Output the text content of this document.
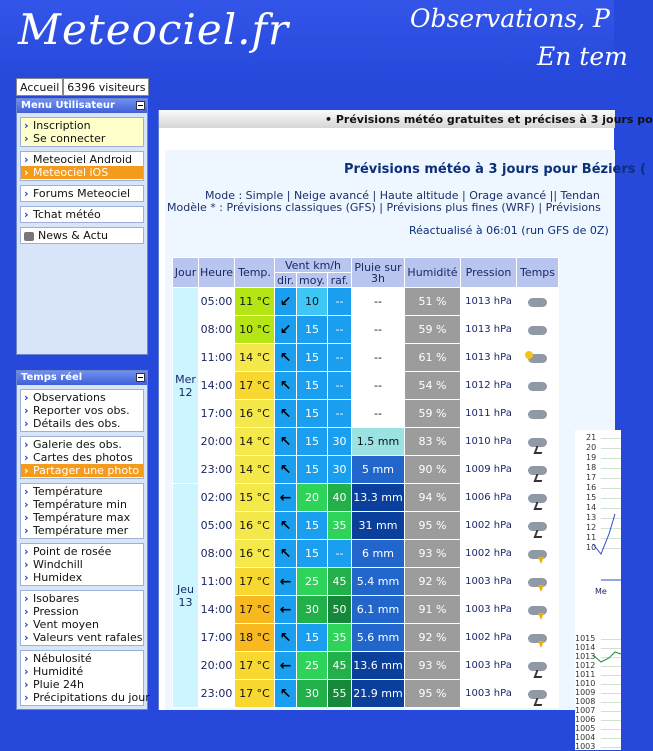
Meteociel.fr	Observations, P
En tem
Accueil 6396 visiteurs
Menu Utilisateur
› Inscription
› Se connecter
› Meteociel Android
› Meteociel iOS
› Forums Meteociel
› Tchat météo
News & Actu
Temps réel
› Observations
› Reporter vos obs.
› Détails des obs.
› Galerie des obs.
› Cartes des photos
› Partager une photo
› Température
› Température min
› Température max
› Température mer
› Point de rosée
› Windchill
› Humidex
› Isobares
› Pression
› Vent moyen
› Valeurs vent rafales
› Nébulosité
› Humidité
› Pluie 24h
› Précipitations du jour
• Prévisions météo gratuites et précises à 3 jours po
Prévisions météo à 3 jours pour Béziers (
Mode : Simple | Neige avancé | Haute altitude | Orage avancé || Tendan
Modèle * : Prévisions classiques (GFS) | Prévisions plus fines (WRF) | Prévisions
Réactualisé à 06:01 (run GFS de 0Z)
Jour	Heure	Temp.	Vent km/h			Pluie sur 3h	Humidité	Pression	Temps
			dir.	moy.	raf.				

Mer
12	05:00	11 °C	↙	10	--	--	51 %	1013 hPa	
	08:00	10 °C	↙	15	--	--	59 %	1013 hPa	
	11:00	14 °C	↖	15	--	--	61 %	1013 hPa	
	14:00	17 °C	↖	15	--	--	54 %	1012 hPa	
	17:00	16 °C	↖	15	--	--	59 %	1011 hPa	
	20:00	14 °C	↖	15	30	1.5 mm	83 %	1010 hPa	
	23:00	14 °C	↖	15	30	5 mm	90 %	1009 hPa	

Jeu
13	02:00	15 °C	←	20	40	13.3 mm	94 %	1006 hPa	
	05:00	16 °C	↖	15	35	31 mm	95 %	1002 hPa	
	08:00	16 °C	↖	15	--	6 mm	93 %	1002 hPa	
	11:00	17 °C	←	25	45	5.4 mm	92 %	1003 hPa	
	14:00	17 °C	←	30	50	6.1 mm	91 %	1003 hPa	
	17:00	18 °C	↖	15	35	5.6 mm	92 %	1002 hPa	
	20:00	17 °C	←	25	45	13.6 mm	93 %	1003 hPa	
	23:00	17 °C	↖	30	55	21.9 mm	95 %	1003 hPa	
21
20
19
18
17
16
15
14
13
12
11
10
1015
1014
1013
1012
1011
1010
1009
1008
1007
1006
1005
1004
1003
Me
